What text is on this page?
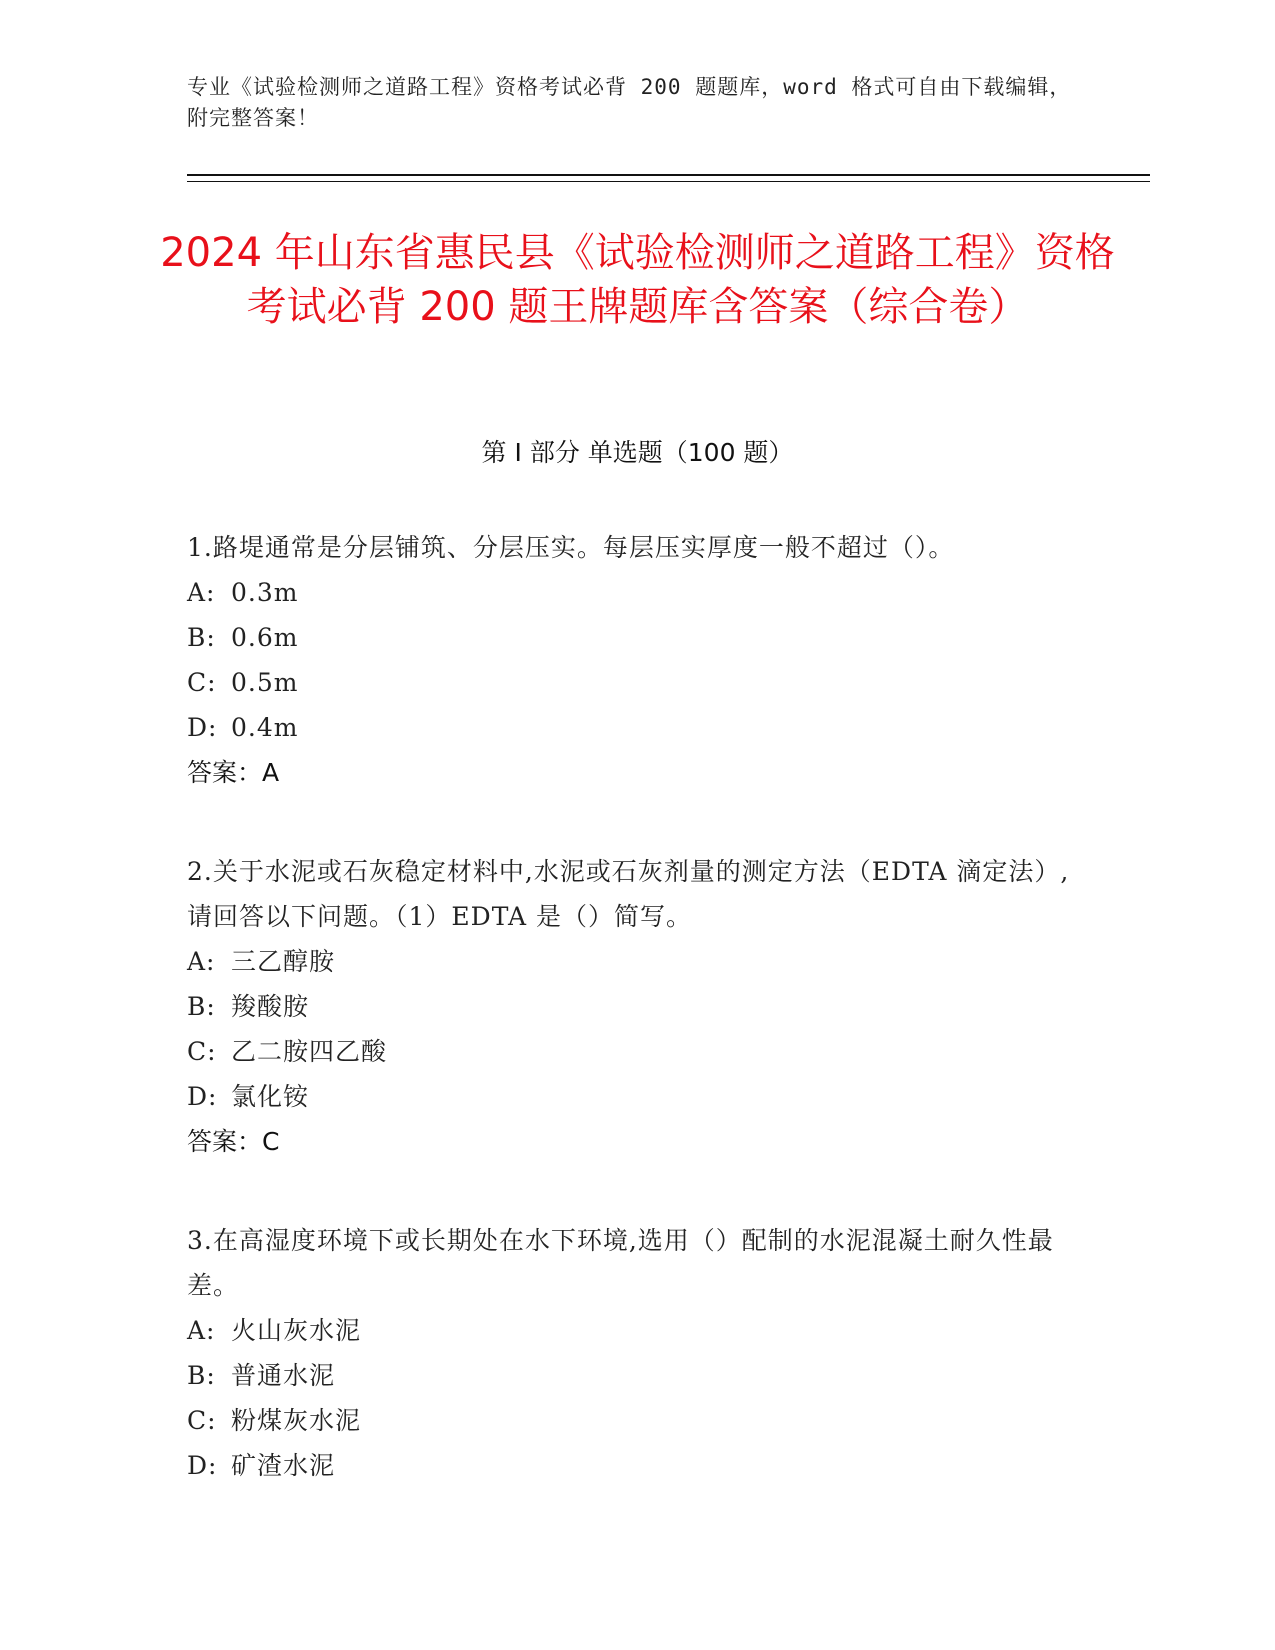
专业《试验检测师之道路工程》资格考试必背 200 题题库，word 格式可自由下载编辑，附完整答案！
2024 年山东省惠民县《试验检测师之道路工程》资格考试必背 200 题王牌题库含答案（综合卷）
第 I 部分 单选题（100 题）
1.路堤通常是分层铺筑、分层压实。每层压实厚度一般不超过（）。
A: 0.3m
B: 0.6m
C: 0.5m
D: 0.4m
答案：A
2.关于水泥或石灰稳定材料中,水泥或石灰剂量的测定方法（EDTA 滴定法）,请回答以下问题。（1）EDTA 是（）简写。
A: 三乙醇胺
B: 羧酸胺
C: 乙二胺四乙酸
D: 氯化铵
答案：C
3.在高湿度环境下或长期处在水下环境,选用（）配制的水泥混凝土耐久性最差。
A: 火山灰水泥
B: 普通水泥
C: 粉煤灰水泥
D: 矿渣水泥
